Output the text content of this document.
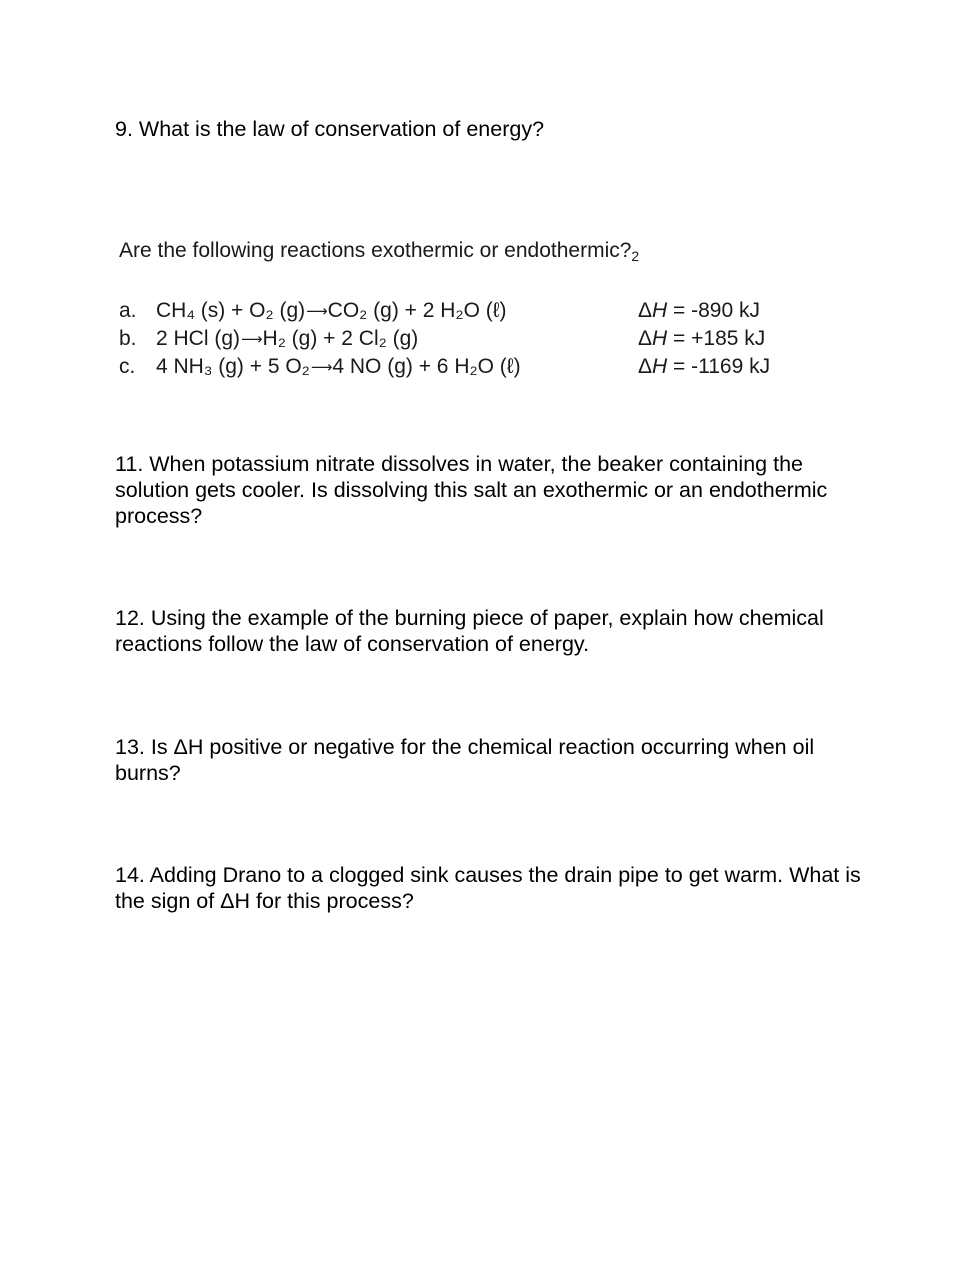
9. What is the law of conservation of energy?

Are the following reactions exothermic or endothermic?2

a. CH₄ (s) + O₂ (g)⟶CO₂ (g) + 2 H₂O (ℓ)	ΔH = -890 kJ
b. 2 HCl (g)⟶H₂ (g) + 2 Cl₂ (g)	ΔH = +185 kJ
c. 4 NH₃ (g) + 5 O₂⟶4 NO (g) + 6 H₂O (ℓ)	ΔH = -1169 kJ

11. When potassium nitrate dissolves in water, the beaker containing the solution gets cooler. Is dissolving this salt an exothermic or an endothermic process?

12. Using the example of the burning piece of paper, explain how chemical reactions follow the law of conservation of energy.

13. Is ΔH positive or negative for the chemical reaction occurring when oil burns?

14. Adding Drano to a clogged sink causes the drain pipe to get warm. What is the sign of ΔH for this process?
